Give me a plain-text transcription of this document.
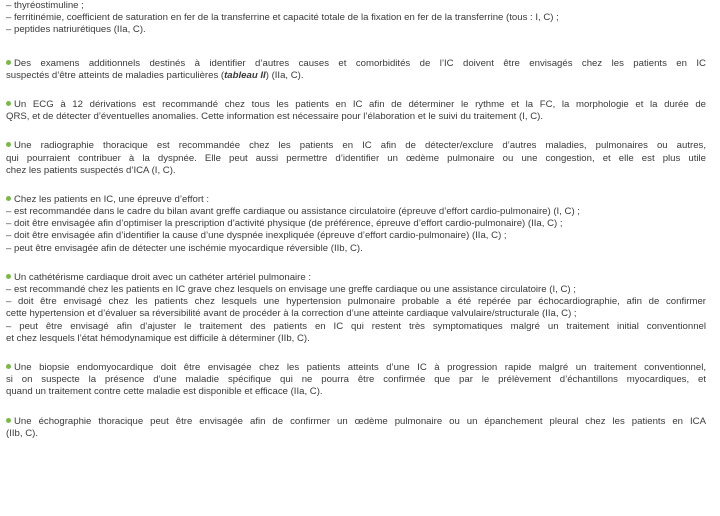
– thyréostimuline ;
– ferritinémie, coefficient de saturation en fer de la transferrine et capacité totale de la fixation en fer de la transferrine (tous : I, C) ;
– peptides natriurétiques (IIa, C).
Des examens additionnels destinés à identifier d’autres causes et comorbidités de l’IC doivent être envisagés chez les patients en IC
suspectés d’être atteints de maladies particulières (tableau II) (IIa, C).
Un ECG à 12 dérivations est recommandé chez tous les patients en IC afin de déterminer le rythme et la FC, la morphologie et la durée de
QRS, et de détecter d’éventuelles anomalies. Cette information est nécessaire pour l’élaboration et le suivi du traitement (I, C).
Une radiographie thoracique est recommandée chez les patients en IC afin de détecter/exclure d’autres maladies, pulmonaires ou autres,
qui pourraient contribuer à la dyspnée. Elle peut aussi permettre d’identifier un œdème pulmonaire ou une congestion, et elle est plus utile
chez les patients suspectés d’ICA (I, C).
Chez les patients en IC, une épreuve d’effort :
– est recommandée dans le cadre du bilan avant greffe cardiaque ou assistance circulatoire (épreuve d’effort cardio-pulmonaire) (I, C) ;
– doit être envisagée afin d’optimiser la prescription d’activité physique (de préférence, épreuve d’effort cardio-pulmonaire) (IIa, C) ;
– doit être envisagée afin d’identifier la cause d’une dyspnée inexpliquée (épreuve d’effort cardio-pulmonaire) (IIa, C) ;
– peut être envisagée afin de détecter une ischémie myocardique réversible (IIb, C).
Un cathétérisme cardiaque droit avec un cathéter artériel pulmonaire :
– est recommandé chez les patients en IC grave chez lesquels on envisage une greffe cardiaque ou une assistance circulatoire (I, C) ;
– doit être envisagé chez les patients chez lesquels une hypertension pulmonaire probable a été repérée par échocardiographie, afin de confirmer
cette hypertension et d’évaluer sa réversibilité avant de procéder à la correction d’une atteinte cardiaque valvulaire/structurale (IIa, C) ;
– peut être envisagé afin d’ajuster le traitement des patients en IC qui restent très symptomatiques malgré un traitement initial conventionnel
et chez lesquels l’état hémodynamique est difficile à déterminer (IIb, C).
Une biopsie endomyocardique doit être envisagée chez les patients atteints d’une IC à progression rapide malgré un traitement conventionnel,
si on suspecte la présence d’une maladie spécifique qui ne pourra être confirmée que par le prélèvement d’échantillons myocardiques, et
quand un traitement contre cette maladie est disponible et efficace (IIa, C).
Une échographie thoracique peut être envisagée afin de confirmer un œdème pulmonaire ou un épanchement pleural chez les patients en ICA
(IIb, C).
